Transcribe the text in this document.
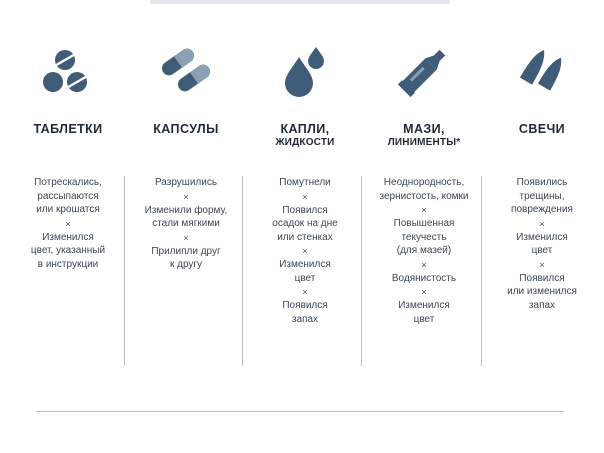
ТАБЛЕТКИ
Потрескались,
рассыпаются
или крошатся
×
Изменился
цвет, указанный
в инструкции
КАПСУЛЫ
Разрушились
×
Изменили форму,
стали мягкими
×
Прилипли друг
к другу
КАПЛИ,
ЖИДКОСТИ
Помутнели
×
Появился
осадок на дне
или стенках
×
Изменился
цвет
×
Появился
запах
МАЗИ,
ЛИНИМЕНТЫ*
Неоднородность,
зернистость, комки
×
Повышенная
текучесть
(для мазей)
×
Водянистость
×
Изменился
цвет
СВЕЧИ
Появились
трещины,
повреждения
×
Изменился
цвет
×
Появился
или изменился
запах
